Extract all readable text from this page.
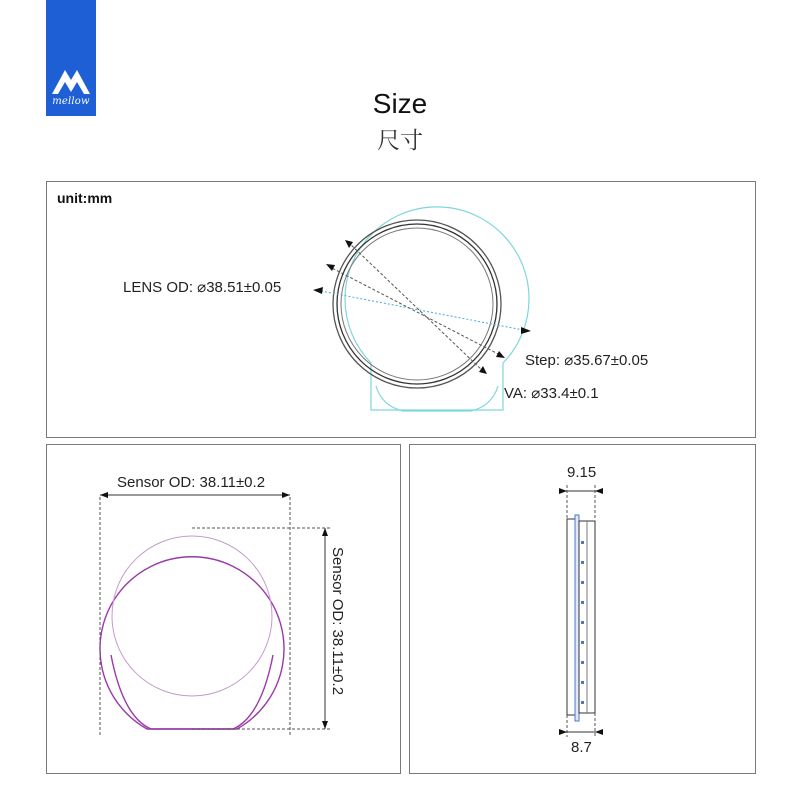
mellow	Size
尺寸
unit:mm
LENS OD: ⌀38.51±0.05
Step: ⌀35.67±0.05
VA: ⌀33.4±0.1
Sensor OD: 38.11±0.2
Sensor OD: 38.11±0.2
9.15
8.7
